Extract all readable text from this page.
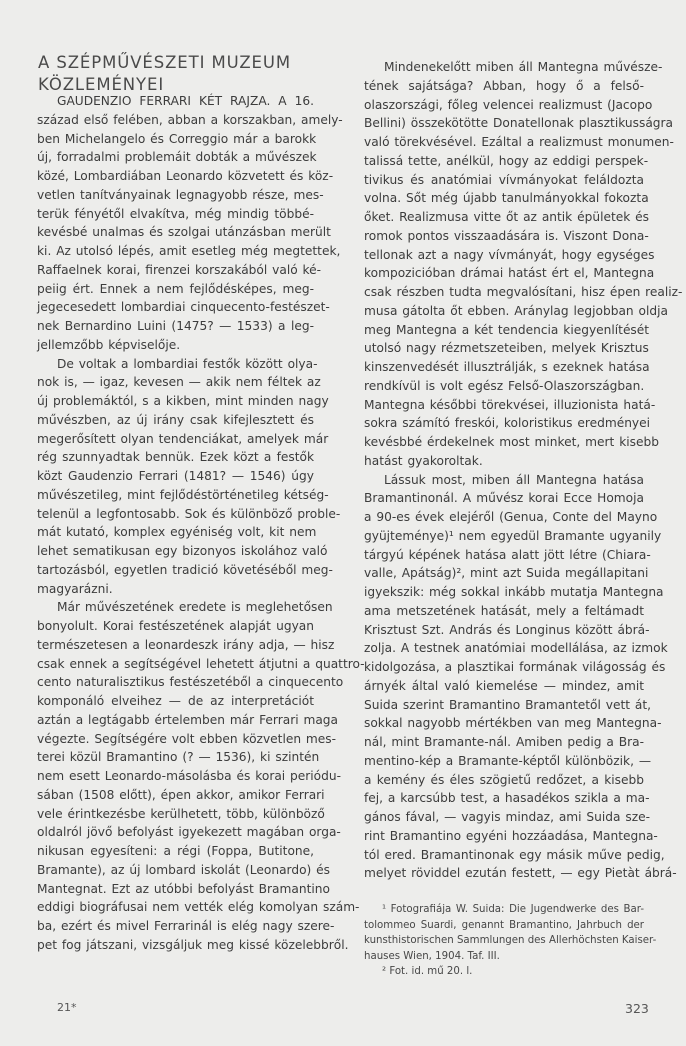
A SZÉPMŰVÉSZETI MUZEUM
KÖZLEMÉNYEI
GAUDENZIO FERRARI KÉT RAJZA. A 16.
század első felében, abban a korszakban, amely-
ben Michelangelo és Correggio már a barokk
új, forradalmi problemáit dobták a művészek
közé, Lombardiában Leonardo közvetett és köz-
vetlen tanítványainak legnagyobb része, mes-
terük fényétől elvakítva, még mindig többé-
kevésbé unalmas és szolgai utánzásban merült
ki. Az utolsó lépés, amit esetleg még megtettek,
Raffaelnek korai, firenzei korszakából való ké-
peiig ért. Ennek a nem fejlődésképes, meg-
jegecesedett lombardiai cinquecento-festészet-
nek Bernardino Luini (1475? — 1533) a leg-
jellemzőbb képviselője.
De voltak a lombardiai festők között olya-
nok is, — igaz, kevesen — akik nem féltek az
új problemáktól, s a kikben, mint minden nagy
művészben, az új irány csak kifejlesztett és
megerősített olyan tendenciákat, amelyek már
rég szunnyadtak bennük. Ezek közt a festők
közt Gaudenzio Ferrari (1481? — 1546) úgy
művészetileg, mint fejlődéstörténetileg kétség-
telenül a legfontosabb. Sok és különböző proble-
mát kutató, komplex egyéniség volt, kit nem
lehet sematikusan egy bizonyos iskolához való
tartozásból, egyetlen tradició követéséből meg-
magyarázni.
Már művészetének eredete is meglehetősen
bonyolult. Korai festészetének alapját ugyan
természetesen a leonardeszk irány adja, — hisz
csak ennek a segítségével lehetett átjutni a quattro-
cento naturalisztikus festészetéből a cinquecento
komponáló elveihez — de az interpretációt
aztán a legtágabb értelemben már Ferrari maga
végezte. Segítségére volt ebben közvetlen mes-
terei közül Bramantino (? — 1536), ki szintén
nem esett Leonardo-másolásba és korai periódu-
sában (1508 előtt), épen akkor, amikor Ferrari
vele érintkezésbe kerülhetett, több, különböző
oldalról jövő befolyást igyekezett magában orga-
nikusan egyesíteni: a régi (Foppa, Butitone,
Bramante), az új lombard iskolát (Leonardo) és
Mantegnat. Ezt az utóbbi befolyást Bramantino
eddigi biográfusai nem vették elég komolyan szám-
ba, ezért és mivel Ferrarinál is elég nagy szere-
pet fog játszani, vizsgáljuk meg kissé közelebbről.
Mindenekelőtt miben áll Mantegna művésze-
tének sajátsága? Abban, hogy ő a felső-
olaszországi, főleg velencei realizmust (Jacopo
Bellini) összekötötte Donatellonak plasztikusságra
való törekvésével. Ezáltal a realizmust monumen-
talissá tette, anélkül, hogy az eddigi perspek-
tivikus és anatómiai vívmányokat feláldozta
volna. Sőt még újabb tanulmányokkal fokozta
őket. Realizmusa vitte őt az antik épületek és
romok pontos visszaadására is. Viszont Dona-
tellonak azt a nagy vívmányát, hogy egységes
kompozicióban drámai hatást ért el, Mantegna
csak részben tudta megvalósítani, hisz épen realiz-
musa gátolta őt ebben. Aránylag legjobban oldja
meg Mantegna a két tendencia kiegyenlítését
utolsó nagy rézmetszeteiben, melyek Krisztus
kinszenvedését illusztrálják, s ezeknek hatása
rendkívül is volt egész Felső-Olaszországban.
Mantegna későbbi törekvései, illuzionista hatá-
sokra számító freskói, koloristikus eredményei
kevésbbé érdekelnek most minket, mert kisebb
hatást gyakoroltak.
Lássuk most, miben áll Mantegna hatása
Bramantinonál. A művész korai Ecce Homoja
a 90-es évek elejéről (Genua, Conte del Mayno
gyüjteménye)¹ nem egyedül Bramante ugyanily
tárgyú képének hatása alatt jött létre (Chiara-
valle, Apátság)², mint azt Suida megállapitani
igyekszik: még sokkal inkább mutatja Mantegna
ama metszetének hatását, mely a feltámadt
Krisztust Szt. András és Longinus között ábrá-
zolja. A testnek anatómiai modellálása, az izmok
kidolgozása, a plasztikai formának világosság és
árnyék által való kiemelése — mindez, amit
Suida szerint Bramantino Bramantetől vett át,
sokkal nagyobb mértékben van meg Mantegna-
nál, mint Bramante-nál. Amiben pedig a Bra-
mentino-kép a Bramante-képtől különbözik, —
a kemény és éles szögietű redőzet, a kisebb
fej, a karcsúbb test, a hasadékos szikla a ma-
gános fával, — vagyis mindaz, ami Suida sze-
rint Bramantino egyéni hozzáadása, Mantegna-
tól ered. Bramantinonak egy másik műve pedig,
melyet röviddel ezután festett, — egy Pietàt ábrá-
¹ Fotografiája W. Suida: Die Jugendwerke des Bar-
tolommeo Suardi, genannt Bramantino, Jahrbuch der
kunsthistorischen Sammlungen des Allerhöchsten Kaiser-
hauses Wien, 1904. Taf. III.
² Fot. id. mű 20. l.
21*	323
